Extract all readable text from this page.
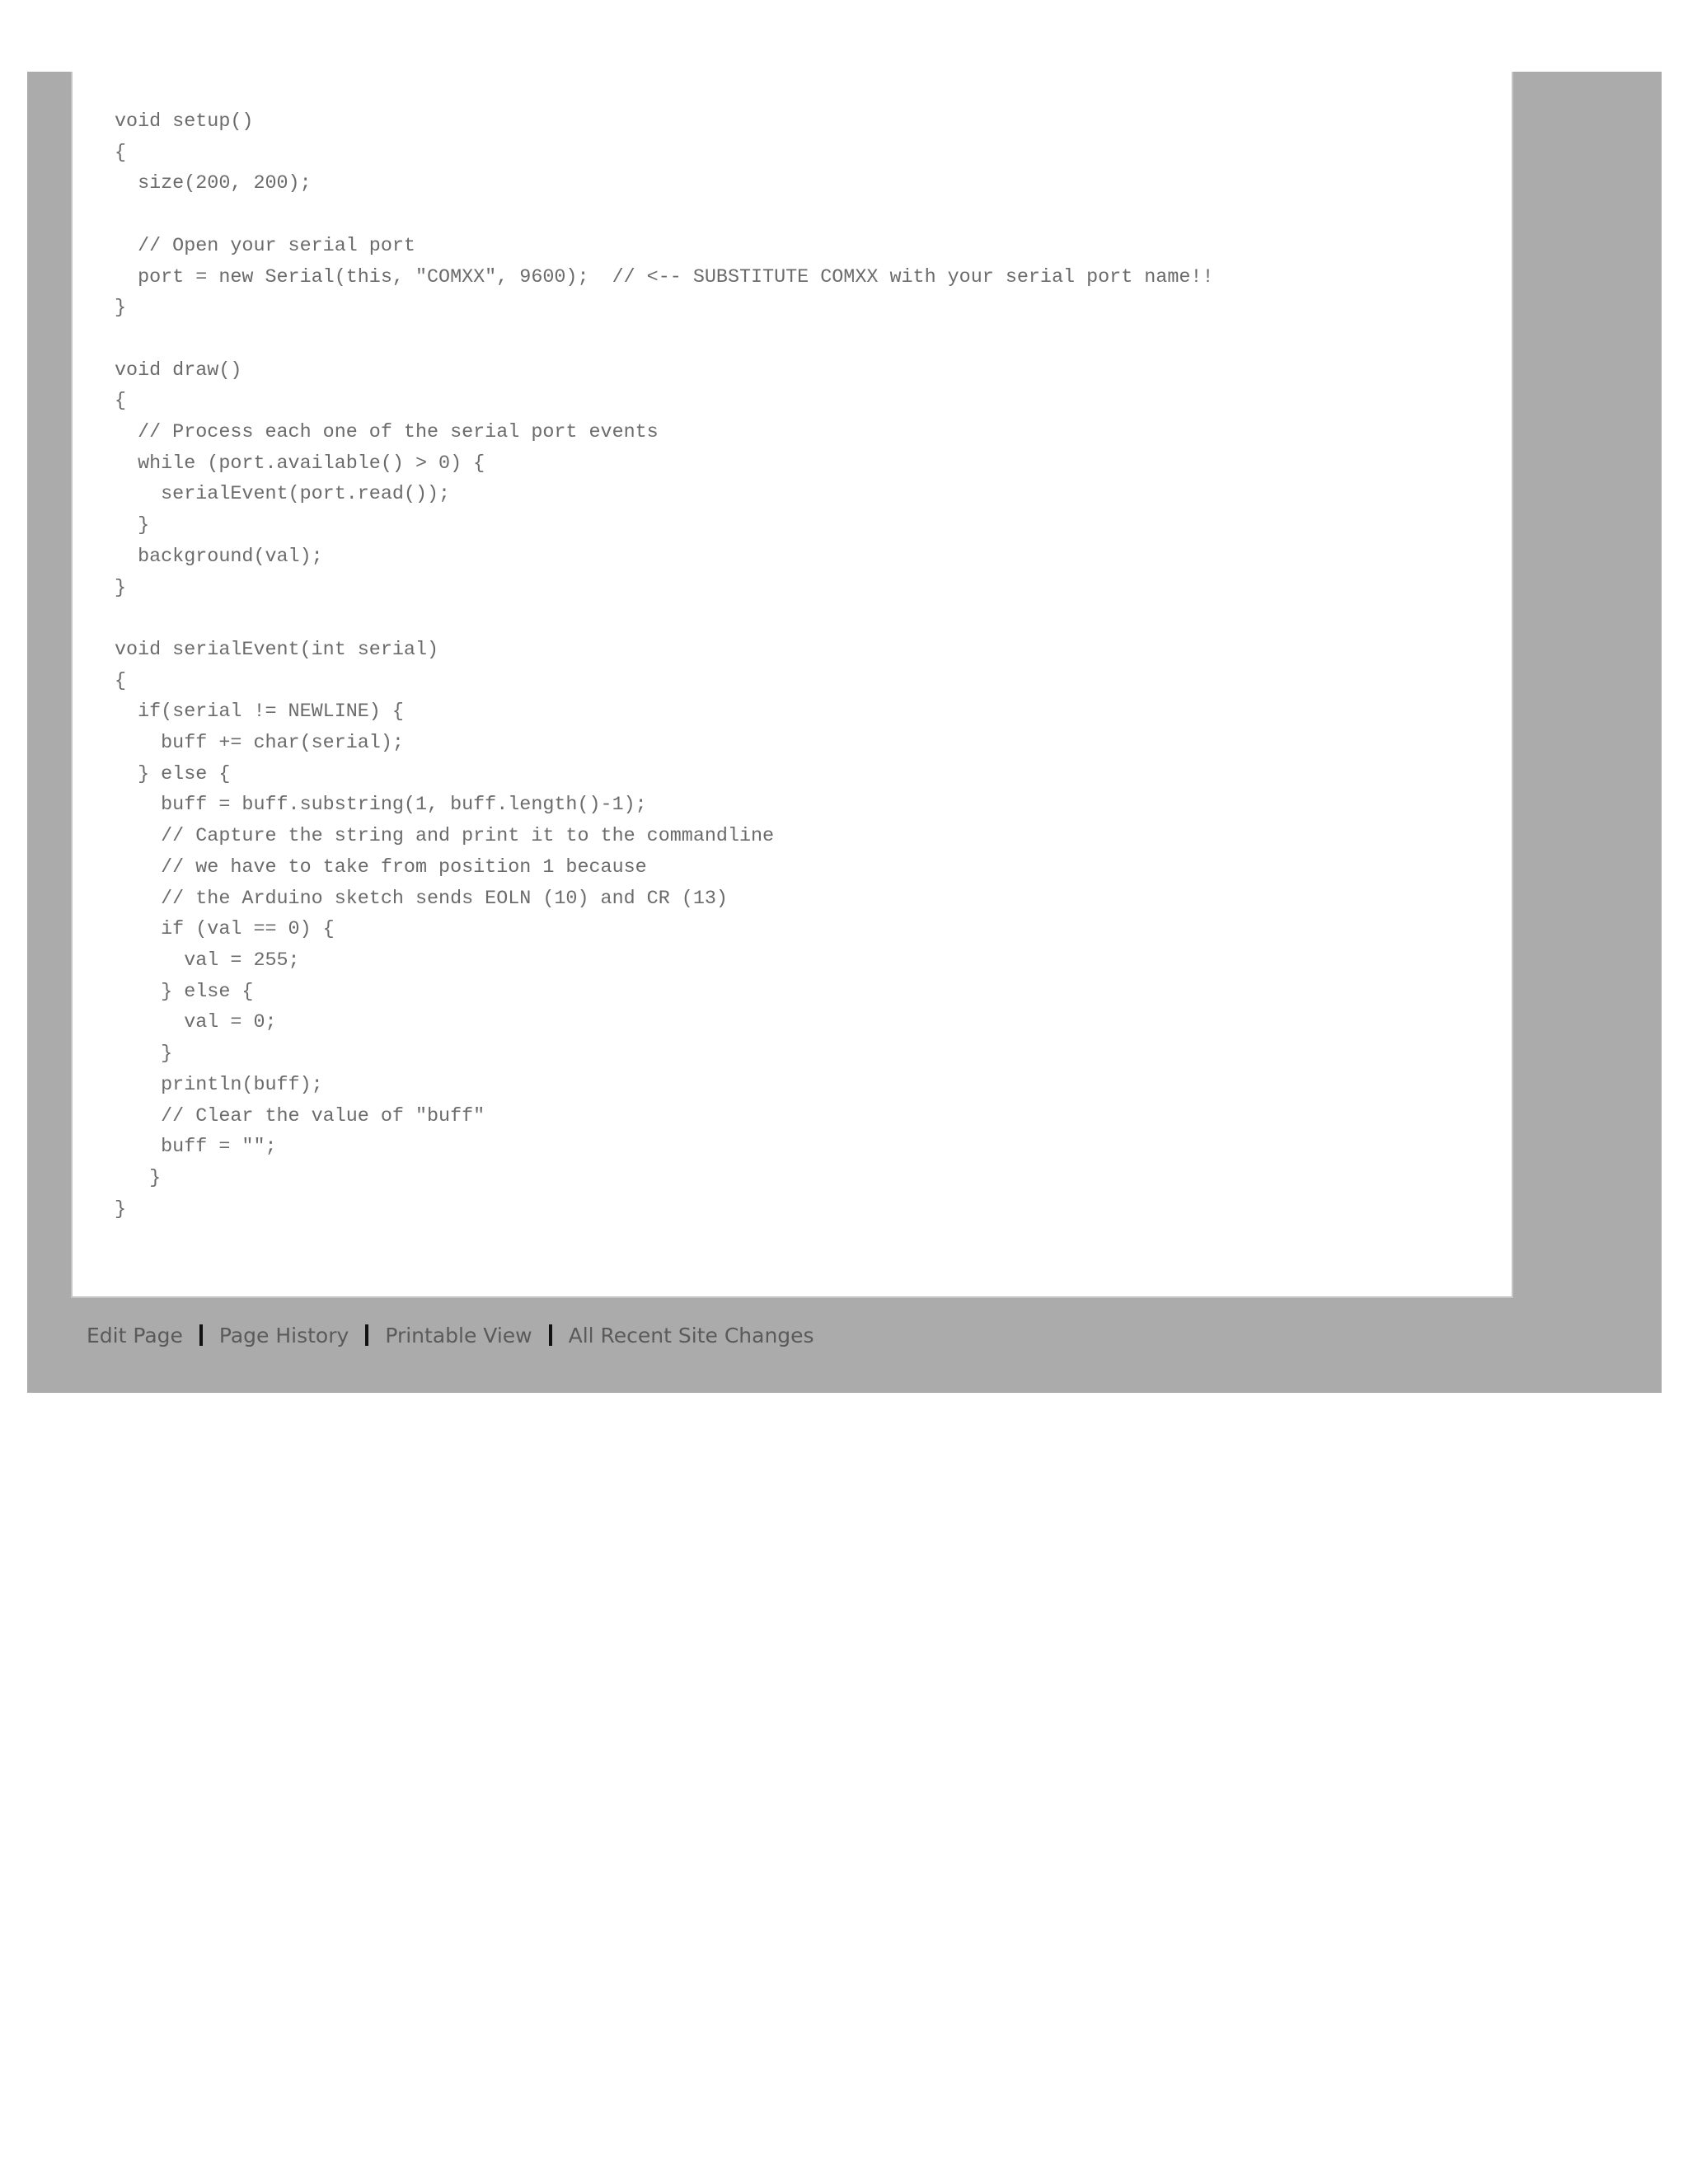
void setup()
{
size(200, 200);

// Open your serial port
port = new Serial(this, "COMXX", 9600);  // <-- SUBSTITUTE COMXX with your serial port name!!
}

void draw()
{
// Process each one of the serial port events
while (port.available() > 0) {
serialEvent(port.read());
}
background(val);
}

void serialEvent(int serial)
{
if(serial != NEWLINE) {
buff += char(serial);
} else {
buff = buff.substring(1, buff.length()-1);
// Capture the string and print it to the commandline
// we have to take from position 1 because
// the Arduino sketch sends EOLN (10) and CR (13)
if (val == 0) {
val = 255;
} else {
val = 0;
}
println(buff);
// Clear the value of "buff"
buff = "";
}
}
Edit Page Page History Printable View All Recent Site Changes
